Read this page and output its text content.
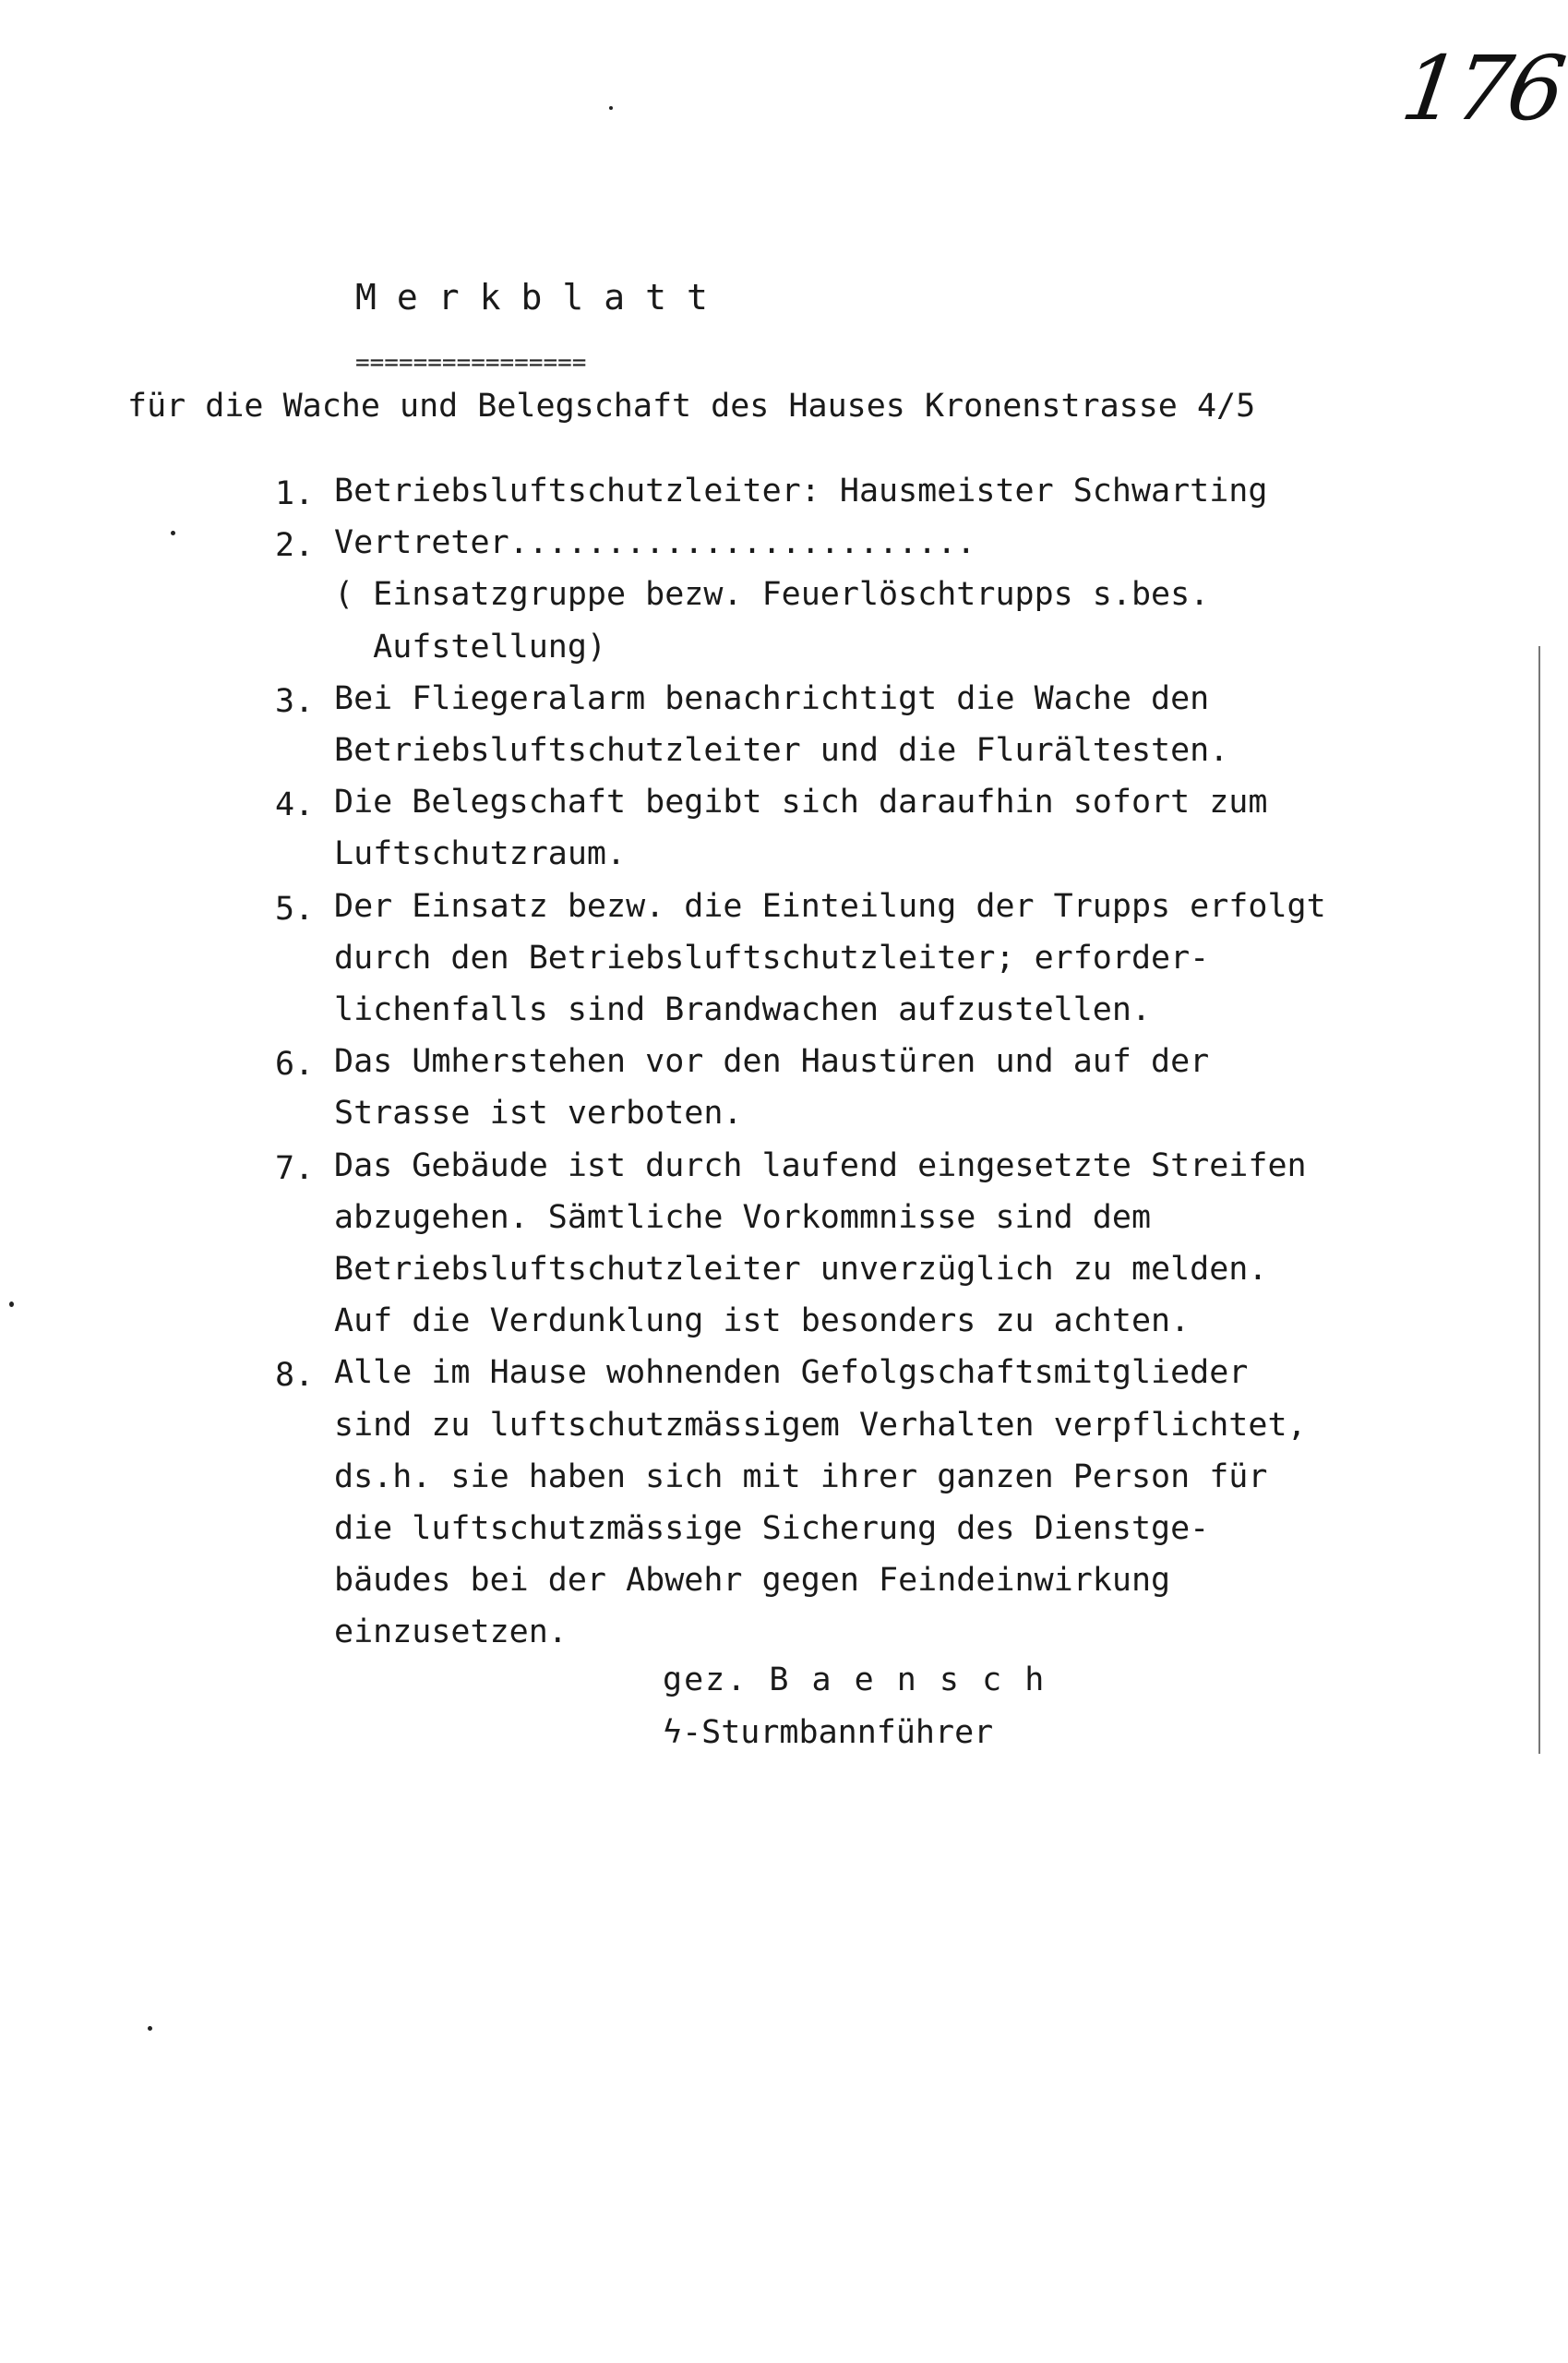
176
Merkblatt
================
für die Wache und Belegschaft des Hauses Kronenstrasse 4/5
1. Betriebsluftschutzleiter: Hausmeister Schwarting
2. Vertreter........................
( Einsatzgruppe bezw. Feuerlöschtrupps s.bes.
Aufstellung)
3. Bei Fliegeralarm benachrichtigt die Wache den
Betriebsluftschutzleiter und die Flurältesten.
4. Die Belegschaft begibt sich daraufhin sofort zum
Luftschutzraum.
5. Der Einsatz bezw. die Einteilung der Trupps erfolgt
durch den Betriebsluftschutzleiter; erforder-
lichenfalls sind Brandwachen aufzustellen.
6. Das Umherstehen vor den Haustüren und auf der
Strasse ist verboten.
7. Das Gebäude ist durch laufend eingesetzte Streifen
abzugehen. Sämtliche Vorkommnisse sind dem
Betriebsluftschutzleiter unverzüglich zu melden.
Auf die Verdunklung ist besonders zu achten.
8. Alle im Hause wohnenden Gefolgschaftsmitglieder
sind zu luftschutzmässigem Verhalten verpflichtet,
ds.h. sie haben sich mit ihrer ganzen Person für
die luftschutzmässige Sicherung des Dienstge-
bäudes bei der Abwehr gegen Feindeinwirkung
einzusetzen.
gez. B a e n s c h
ϟ-Sturmbannführer
